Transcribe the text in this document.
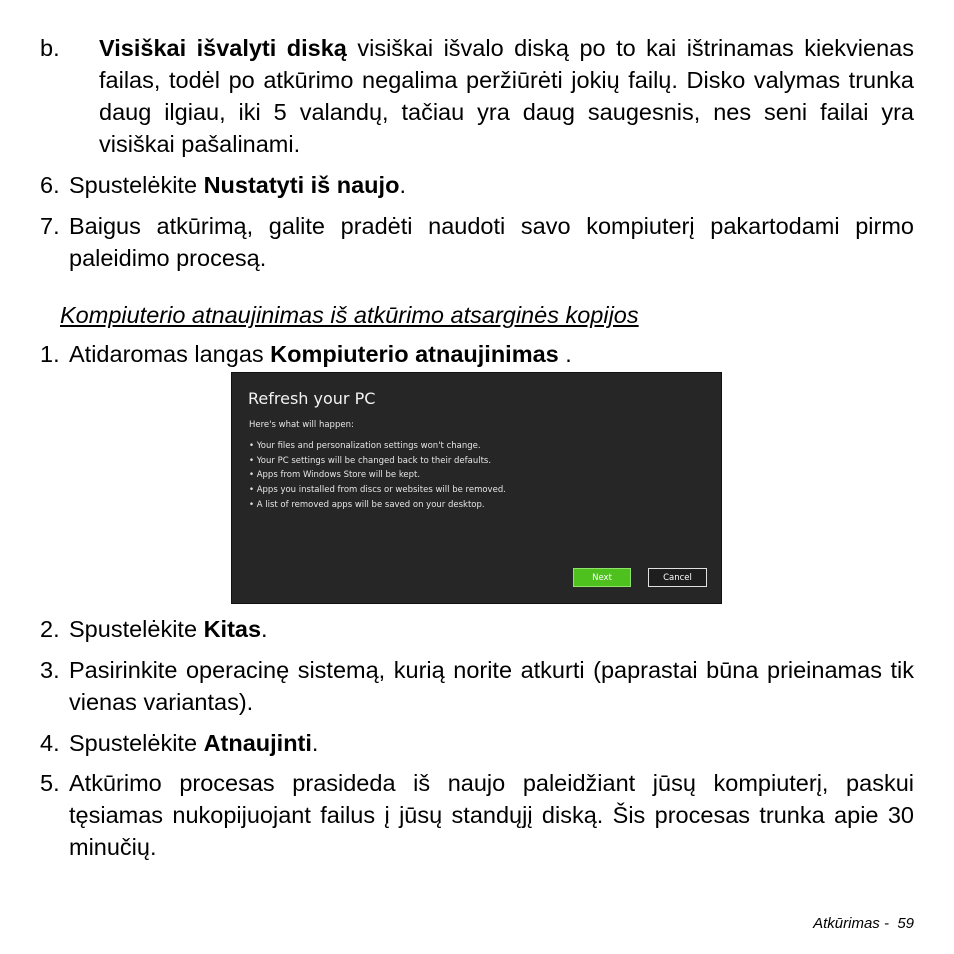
b. Visiškai išvalyti diską visiškai išvalo diską po to kai ištrinamas kiekvienas failas, todėl po atkūrimo negalima peržiūrėti jokių failų. Disko valymas trunka daug ilgiau, iki 5 valandų, tačiau yra daug saugesnis, nes seni failai yra visiškai pašalinami.
6. Spustelėkite Nustatyti iš naujo.
7. Baigus atkūrimą, galite pradėti naudoti savo kompiuterį pakartodami pirmo paleidimo procesą.
Kompiuterio atnaujinimas iš atkūrimo atsarginės kopijos
1. Atidaromas langas Kompiuterio atnaujinimas .
Refresh your PC
Here's what will happen:
• Your files and personalization settings won't change.
• Your PC settings will be changed back to their defaults.
• Apps from Windows Store will be kept.
• Apps you installed from discs or websites will be removed.
• A list of removed apps will be saved on your desktop.
Next	Cancel
2. Spustelėkite Kitas.
3. Pasirinkite operacinę sistemą, kurią norite atkurti (paprastai būna prieinamas tik vienas variantas).
4. Spustelėkite Atnaujinti.
5. Atkūrimo procesas prasideda iš naujo paleidžiant jūsų kompiuterį, paskui tęsiamas nukopijuojant failus į jūsų standųjį diską. Šis procesas trunka apie 30 minučių.
Atkūrimas - 59
